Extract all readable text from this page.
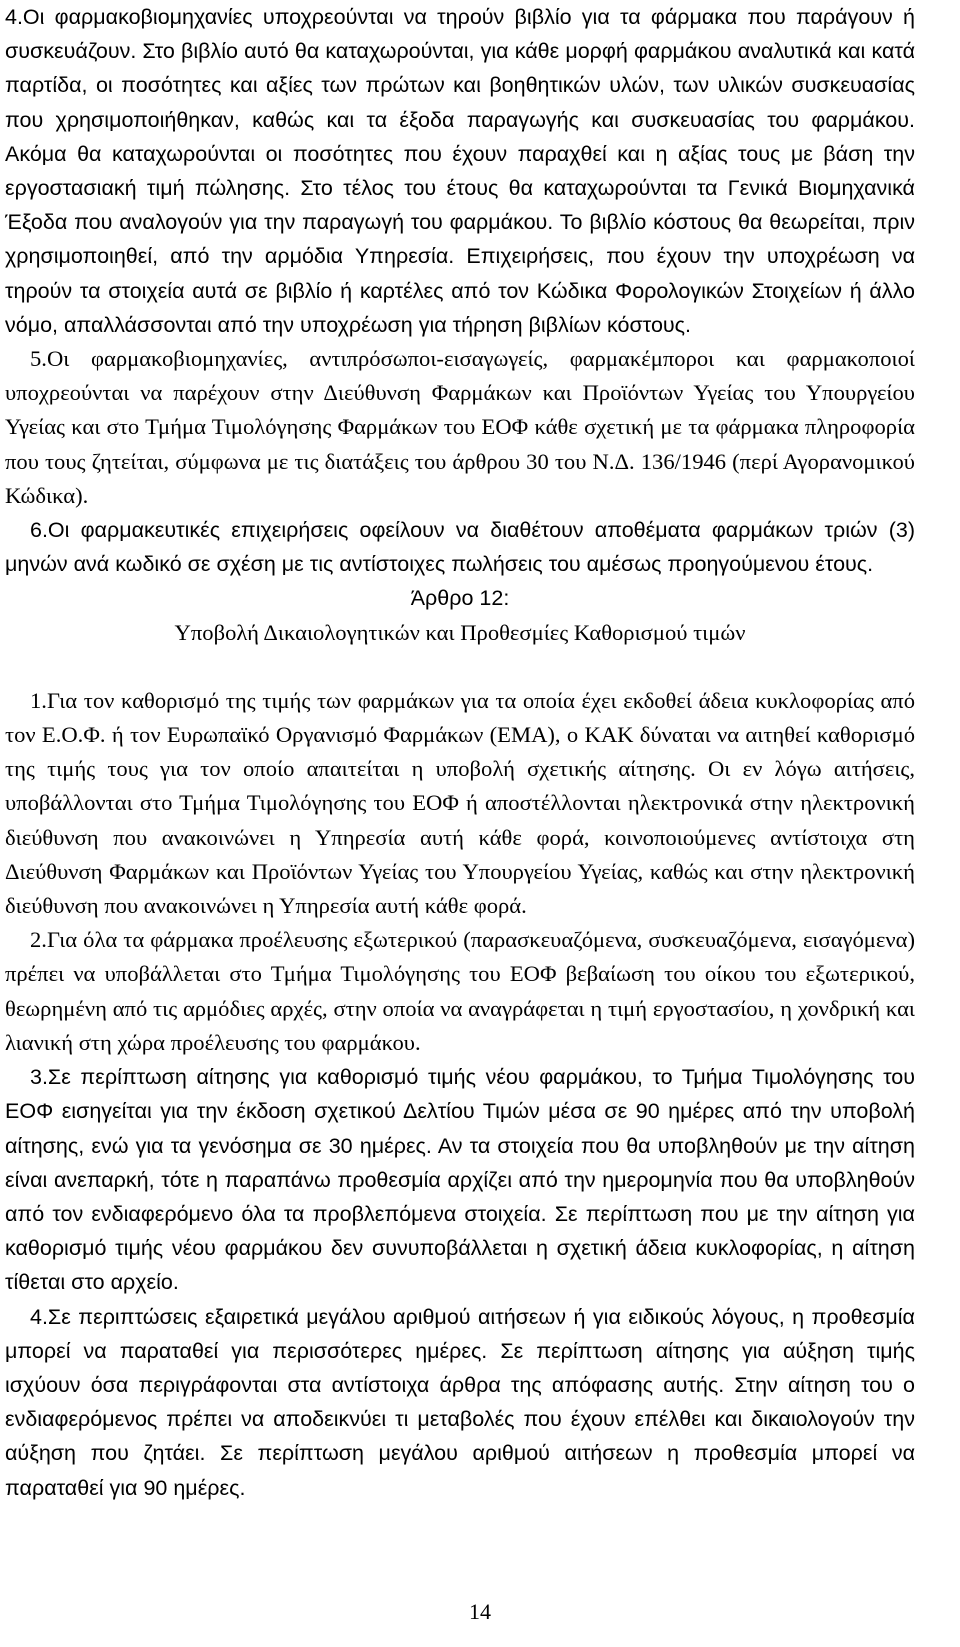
4.Οι φαρμακοβιομηχανίες υποχρεούνται να τηρούν βιβλίο για τα φάρμακα που παράγουν ή συσκευάζουν. Στο βιβλίο αυτό θα καταχωρούνται, για κάθε μορφή φαρμάκου αναλυτικά και κατά παρτίδα, οι ποσότητες και αξίες των πρώτων και βοηθητικών υλών, των υλικών συσκευασίας που χρησιμοποιήθηκαν, καθώς και τα έξοδα παραγωγής και συσκευασίας του φαρμάκου. Ακόμα θα καταχωρούνται οι ποσότητες που έχουν παραχθεί και η αξίας τους με βάση την εργοστασιακή τιμή πώλησης. Στο τέλος του έτους θα καταχωρούνται τα Γενικά Βιομηχανικά Έξοδα που αναλογούν για την παραγωγή του φαρμάκου. Το βιβλίο κόστους θα θεωρείται, πριν χρησιμοποιηθεί, από την αρμόδια Υπηρεσία. Επιχειρήσεις, που έχουν την υποχρέωση να τηρούν τα στοιχεία αυτά σε βιβλίο ή καρτέλες από τον Κώδικα Φορολογικών Στοιχείων ή άλλο νόμο, απαλλάσσονται από την υποχρέωση για τήρηση βιβλίων κόστους.

5.Οι φαρμακοβιομηχανίες, αντιπρόσωποι-εισαγωγείς, φαρμακέμποροι και φαρμακοποιοί υποχρεούνται να παρέχουν στην Διεύθυνση Φαρμάκων και Προϊόντων Υγείας του Υπουργείου Υγείας και στο Τμήμα Τιμολόγησης Φαρμάκων του ΕΟΦ κάθε σχετική με τα φάρμακα πληροφορία που τους ζητείται, σύμφωνα με τις διατάξεις του άρθρου 30 του Ν.Δ. 136/1946 (περί Αγορανομικού Κώδικα).

6.Οι φαρμακευτικές επιχειρήσεις οφείλουν να διαθέτουν αποθέματα φαρμάκων τριών (3) μηνών ανά κωδικό σε σχέση με τις αντίστοιχες πωλήσεις του αμέσως προηγούμενου έτους.

Άρθρο 12:

Υποβολή Δικαιολογητικών και Προθεσμίες Καθορισμού τιμών

1.Για τον καθορισμό της τιμής των φαρμάκων για τα οποία έχει εκδοθεί άδεια κυκλοφορίας από τον Ε.Ο.Φ. ή τον Ευρωπαϊκό Οργανισμό Φαρμάκων (ΕΜΑ), ο ΚΑΚ δύναται να αιτηθεί καθορισμό της τιμής τους για τον οποίο απαιτείται η υποβολή σχετικής αίτησης. Οι εν λόγω αιτήσεις, υποβάλλονται στο Τμήμα Τιμολόγησης του ΕΟΦ ή αποστέλλονται ηλεκτρονικά στην ηλεκτρονική διεύθυνση που ανακοινώνει η Υπηρεσία αυτή κάθε φορά, κοινοποιούμενες αντίστοιχα στη Διεύθυνση Φαρμάκων και Προϊόντων Υγείας του Υπουργείου Υγείας, καθώς και στην ηλεκτρονική διεύθυνση που ανακοινώνει η Υπηρεσία αυτή κάθε φορά.

2.Για όλα τα φάρμακα προέλευσης εξωτερικού (παρασκευαζόμενα, συσκευαζόμενα, εισαγόμενα) πρέπει να υποβάλλεται στο Τμήμα Τιμολόγησης του ΕΟΦ βεβαίωση του οίκου του εξωτερικού, θεωρημένη από τις αρμόδιες αρχές, στην οποία να αναγράφεται η τιμή εργοστασίου, η χονδρική και λιανική στη χώρα προέλευσης του φαρμάκου.

3.Σε περίπτωση αίτησης για καθορισμό τιμής νέου φαρμάκου, το Τμήμα Τιμολόγησης του ΕΟΦ εισηγείται για την έκδοση σχετικού Δελτίου Τιμών μέσα σε 90 ημέρες από την υποβολή αίτησης, ενώ για τα γενόσημα σε 30 ημέρες. Αν τα στοιχεία που θα υποβληθούν με την αίτηση είναι ανεπαρκή, τότε η παραπάνω προθεσμία αρχίζει από την ημερομηνία που θα υποβληθούν από τον ενδιαφερόμενο όλα τα προβλεπόμενα στοιχεία. Σε περίπτωση που με την αίτηση για καθορισμό τιμής νέου φαρμάκου δεν συνυποβάλλεται η σχετική άδεια κυκλοφορίας, η αίτηση τίθεται στο αρχείο.

4.Σε περιπτώσεις εξαιρετικά μεγάλου αριθμού αιτήσεων ή για ειδικούς λόγους, η προθεσμία μπορεί να παραταθεί για περισσότερες ημέρες. Σε περίπτωση αίτησης για αύξηση τιμής ισχύουν όσα περιγράφονται στα αντίστοιχα άρθρα της απόφασης αυτής. Στην αίτηση του ο ενδιαφερόμενος πρέπει να αποδεικνύει τι μεταβολές που έχουν επέλθει και δικαιολογούν την αύξηση που ζητάει. Σε περίπτωση μεγάλου αριθμού αιτήσεων η προθεσμία μπορεί να παραταθεί για 90 ημέρες.

14
